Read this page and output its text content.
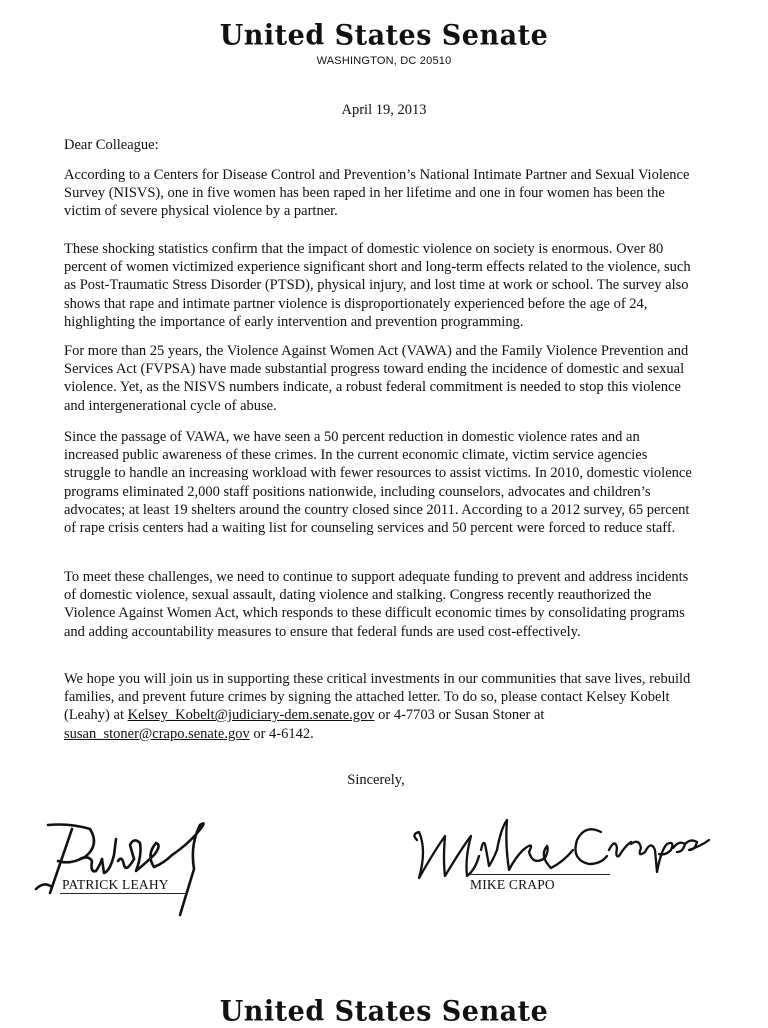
United States Senate
WASHINGTON, DC 20510
April 19, 2013
Dear Colleague:

According to a Centers for Disease Control and Prevention’s National Intimate Partner and Sexual Violence Survey (NISVS), one in five women has been raped in her lifetime and one in four women has been the victim of severe physical violence by a partner.

These shocking statistics confirm that the impact of domestic violence on society is enormous. Over 80 percent of women victimized experience significant short and long-term effects related to the violence, such as Post-Traumatic Stress Disorder (PTSD), physical injury, and lost time at work or school. The survey also shows that rape and intimate partner violence is disproportionately experienced before the age of 24, highlighting the importance of early intervention and prevention programming.

For more than 25 years, the Violence Against Women Act (VAWA) and the Family Violence Prevention and Services Act (FVPSA) have made substantial progress toward ending the incidence of domestic and sexual violence. Yet, as the NISVS numbers indicate, a robust federal commitment is needed to stop this violence and intergenerational cycle of abuse.

Since the passage of VAWA, we have seen a 50 percent reduction in domestic violence rates and an increased public awareness of these crimes. In the current economic climate, victim service agencies struggle to handle an increasing workload with fewer resources to assist victims. In 2010, domestic violence programs eliminated 2,000 staff positions nationwide, including counselors, advocates and children’s advocates; at least 19 shelters around the country closed since 2011. According to a 2012 survey, 65 percent of rape crisis centers had a waiting list for counseling services and 50 percent were forced to reduce staff.

To meet these challenges, we need to continue to support adequate funding to prevent and address incidents of domestic violence, sexual assault, dating violence and stalking. Congress recently reauthorized the Violence Against Women Act, which responds to these difficult economic times by consolidating programs and adding accountability measures to ensure that federal funds are used cost-effectively.

We hope you will join us in supporting these critical investments in our communities that save lives, rebuild families, and prevent future crimes by signing the attached letter. To do so, please contact Kelsey Kobelt (Leahy) at Kelsey_Kobelt@judiciary-dem.senate.gov or 4-7703 or Susan Stoner at susan_stoner@crapo.senate.gov or 4-6142.

Sincerely,
PATRICK LEAHY	MIKE CRAPO
United States Senate
